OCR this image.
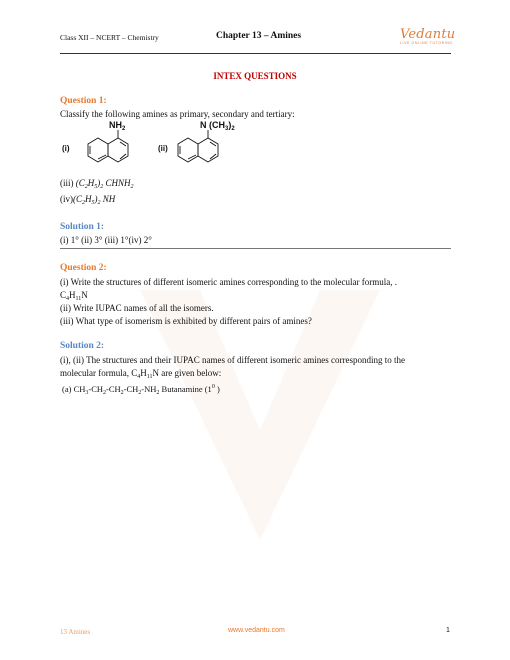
Class XII – NCERT – Chemistry	Chapter 13 – Amines	Vedantu
LIVE ONLINE TUTORING
INTEX QUESTIONS
Question 1:
Classify the following amines as primary, secondary and tertiary:
(i)
$NH_2$
(ii)
N $(CH_3)_2$
(iii) $(C_2H_5)_2$ $CHNH_2$
$(iv)(C_2H_5)_2$ NH
Solution 1:
(i) 1° (ii) 3° (iii) 1°(iv) 2°
Question 2:
(i) Write the structures of different isomeric amines corresponding to the molecular formula, .
$C_4H_{11}N$
(ii) Write IUPAC names of all the isomers.
(iii) What type of isomerism is exhibited by different pairs of amines?
Solution 2:
(i), (ii) The structures and their IUPAC names of different isomeric amines corresponding to the
molecular formula, $C_4H_{11}N$ are given below:
(a) $CH_3-CH_2-CH_2-CH_2-NH_2$ Butanamine ($1^0$ )
13 Amines	www.vedantu.com	1
